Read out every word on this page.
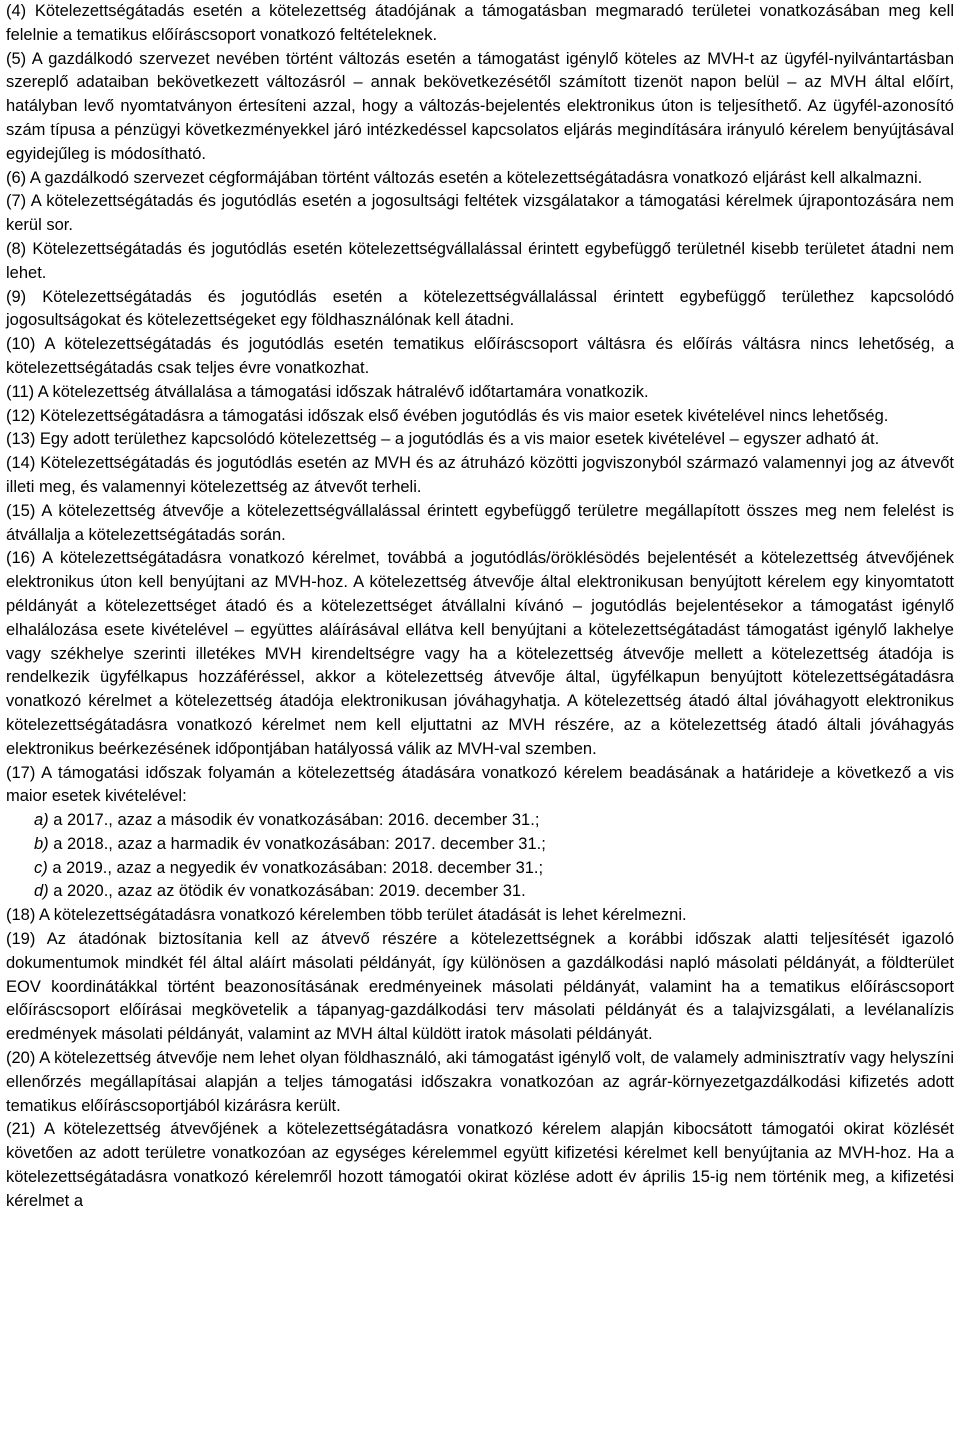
(4) Kötelezettségátadás esetén a kötelezettség átadójának a támogatásban megmaradó területei vonatkozásában meg kell felelnie a tematikus előíráscsoport vonatkozó feltételeknek.

(5) A gazdálkodó szervezet nevében történt változás esetén a támogatást igénylő köteles az MVH-t az ügyfél-nyilvántartásban szereplő adataiban bekövetkezett változásról – annak bekövetkezésétől számított tizenöt napon belül – az MVH által előírt, hatályban levő nyomtatványon értesíteni azzal, hogy a változás-bejelentés elektronikus úton is teljesíthető. Az ügyfél-azonosító szám típusa a pénzügyi következményekkel járó intézkedéssel kapcsolatos eljárás megindítására irányuló kérelem benyújtásával egyidejűleg is módosítható.

(6) A gazdálkodó szervezet cégformájában történt változás esetén a kötelezettségátadásra vonatkozó eljárást kell alkalmazni.

(7) A kötelezettségátadás és jogutódlás esetén a jogosultsági feltétek vizsgálatakor a támogatási kérelmek újrapontozására nem kerül sor.

(8) Kötelezettségátadás és jogutódlás esetén kötelezettségvállalással érintett egybefüggő területnél kisebb területet átadni nem lehet.

(9) Kötelezettségátadás és jogutódlás esetén a kötelezettségvállalással érintett egybefüggő területhez kapcsolódó jogosultságokat és kötelezettségeket egy földhasználónak kell átadni.

(10) A kötelezettségátadás és jogutódlás esetén tematikus előíráscsoport váltásra és előírás váltásra nincs lehetőség, a kötelezettségátadás csak teljes évre vonatkozhat.

(11) A kötelezettség átvállalása a támogatási időszak hátralévő időtartamára vonatkozik.

(12) Kötelezettségátadásra a támogatási időszak első évében jogutódlás és vis maior esetek kivételével nincs lehetőség.

(13) Egy adott területhez kapcsolódó kötelezettség – a jogutódlás és a vis maior esetek kivételével – egyszer adható át.

(14) Kötelezettségátadás és jogutódlás esetén az MVH és az átruházó közötti jogviszonyból származó valamennyi jog az átvevőt illeti meg, és valamennyi kötelezettség az átvevőt terheli.

(15) A kötelezettség átvevője a kötelezettségvállalással érintett egybefüggő területre megállapított összes meg nem felelést is átvállalja a kötelezettségátadás során.

(16) A kötelezettségátadásra vonatkozó kérelmet, továbbá a jogutódlás/öröklésödés bejelentését a kötelezettség átvevőjének elektronikus úton kell benyújtani az MVH-hoz. A kötelezettség átvevője által elektronikusan benyújtott kérelem egy kinyomtatott példányát a kötelezettséget átadó és a kötelezettséget átvállalni kívánó – jogutódlás bejelentésekor a támogatást igénylő elhalálozása esete kivételével – együttes aláírásával ellátva kell benyújtani a kötelezettségátadást támogatást igénylő lakhelye vagy székhelye szerinti illetékes MVH kirendeltségre vagy ha a kötelezettség átvevője mellett a kötelezettség átadója is rendelkezik ügyfélkapus hozzáféréssel, akkor a kötelezettség átvevője által, ügyfélkapun benyújtott kötelezettségátadásra vonatkozó kérelmet a kötelezettség átadója elektronikusan jóváhagyhatja. A kötelezettség átadó által jóváhagyott elektronikus kötelezettségátadásra vonatkozó kérelmet nem kell eljuttatni az MVH részére, az a kötelezettség átadó általi jóváhagyás elektronikus beérkezésének időpontjában hatályossá válik az MVH-val szemben.

(17) A támogatási időszak folyamán a kötelezettség átadására vonatkozó kérelem beadásának a határideje a következő a vis maior esetek kivételével:

a) a 2017., azaz a második év vonatkozásában: 2016. december 31.;
b) a 2018., azaz a harmadik év vonatkozásában: 2017. december 31.;
c) a 2019., azaz a negyedik év vonatkozásában: 2018. december 31.;
d) a 2020., azaz az ötödik év vonatkozásában: 2019. december 31.

(18) A kötelezettségátadásra vonatkozó kérelemben több terület átadását is lehet kérelmezni.

(19) Az átadónak biztosítania kell az átvevő részére a kötelezettségnek a korábbi időszak alatti teljesítését igazoló dokumentumok mindkét fél által aláírt másolati példányát, így különösen a gazdálkodási napló másolati példányát, a földterület EOV koordinátákkal történt beazonosításának eredményeinek másolati példányát, valamint ha a tematikus előíráscsoport előíráscsoport előírásai megkövetelik a tápanyag-gazdálkodási terv másolati példányát és a talajvizsgálati, a levélanalízis eredmények másolati példányát, valamint az MVH által küldött iratok másolati példányát.

(20) A kötelezettség átvevője nem lehet olyan földhasználó, aki támogatást igénylő volt, de valamely adminisztratív vagy helyszíni ellenőrzés megállapításai alapján a teljes támogatási időszakra vonatkozóan az agrár-környezetgazdálkodási kifizetés adott tematikus előíráscsoportjából kizárásra került.

(21) A kötelezettség átvevőjének a kötelezettségátadásra vonatkozó kérelem alapján kibocsátott támogatói okirat közlését követően az adott területre vonatkozóan az egységes kérelemmel együtt kifizetési kérelmet kell benyújtania az MVH-hoz. Ha a kötelezettségátadásra vonatkozó kérelemről hozott támogatói okirat közlése adott év április 15-ig nem történik meg, a kifizetési kérelmet a
